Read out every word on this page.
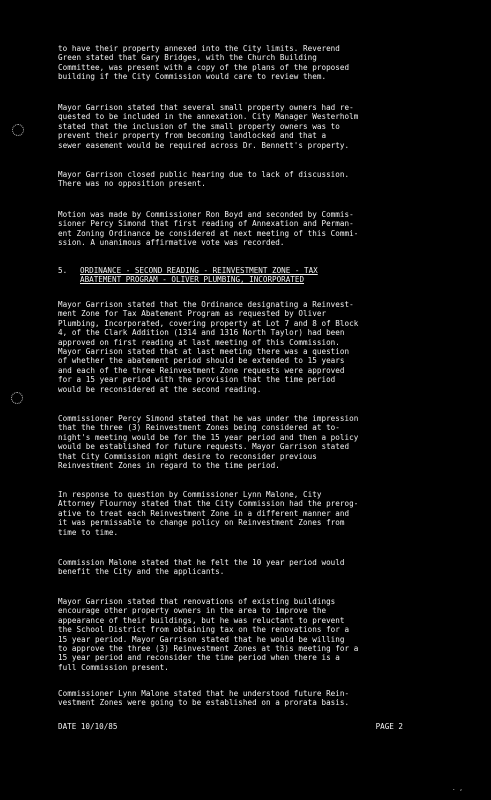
. ,

to have their property annexed into the City limits. Reverend
Green stated that Gary Bridges, with the Church Building
Committee, was present with a copy of the plans of the proposed
building if the City Commission would care to review them.

Mayor Garrison stated that several small property owners had re-
quested to be included in the annexation. City Manager Westerholm
stated that the inclusion of the small property owners was to
prevent their property from becoming landlocked and that a
sewer easement would be required across Dr. Bennett's property.

Mayor Garrison closed public hearing due to lack of discussion.
There was no opposition present.

Motion was made by Commissioner Ron Boyd and seconded by Commis-
sioner Percy Simond that first reading of Annexation and Perman-
ent Zoning Ordinance be considered at next meeting of this Commi-
ssion. A unanimous affirmative vote was recorded.

5.	ORDINANCE - SECOND READING - REINVESTMENT ZONE - TAX
ABATEMENT PROGRAM - OLIVER PLUMBING, INCORPORATED

Mayor Garrison stated that the Ordinance designating a Reinvest-
ment Zone for Tax Abatement Program as requested by Oliver
Plumbing, Incorporated, covering property at Lot 7 and 8 of Block
4, of the Clark Addition (1314 and 1316 North Taylor) had been
approved on first reading at last meeting of this Commission.
Mayor Garrison stated that at last meeting there was a question
of whether the abatement period should be extended to 15 years
and each of the three Reinvestment Zone requests were approved
for a 15 year period with the provision that the time period
would be reconsidered at the second reading.

Commissioner Percy Simond stated that he was under the impression
that the three (3) Reinvestment Zones being considered at to-
night's meeting would be for the 15 year period and then a policy
would be established for future requests. Mayor Garrison stated
that City Commission might desire to reconsider previous
Reinvestment Zones in regard to the time period.

In response to question by Commissioner Lynn Malone, City
Attorney Flournoy stated that the City Commission had the prerog-
ative to treat each Reinvestment Zone in a different manner and
it was permissable to change policy on Reinvestment Zones from
time to time.

Commission Malone stated that he felt the 10 year period would
benefit the City and the applicants.

Mayor Garrison stated that renovations of existing buildings
encourage other property owners in the area to improve the
appearance of their buildings, but he was reluctant to prevent
the School District from obtaining tax on the renovations for a
15 year period. Mayor Garrison stated that he would be willing
to approve the three (3) Reinvestment Zones at this meeting for a
15 year period and reconsider the time period when there is a
full Commission present.

Commissioner Lynn Malone stated that he understood future Rein-
vestment Zones were going to be established on a prorata basis.

DATE 10/10/85	PAGE 2
